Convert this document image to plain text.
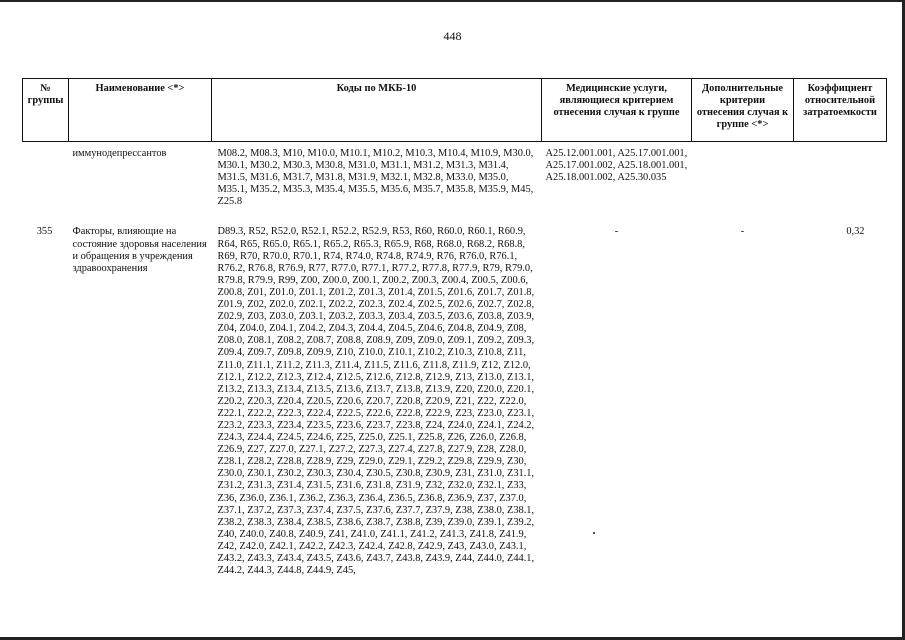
448
№ группы	Наименование <*>	Коды по МКБ-10	Медицинские услуги, являющиеся критерием отнесения случая к группе	Дополнительные критерии отнесения случая к группе <*>	Коэффициент относительной затратоемкости
	иммунодепрессантов	M08.2, M08.3, M10, M10.0, M10.1, M10.2, M10.3, M10.4, M10.9, M30.0, M30.1, M30.2, M30.3, M30.8, M31.0, M31.1, M31.2, M31.3, M31.4, M31.5, M31.6, M31.7, M31.8, M31.9, M32.1, M32.8, M33.0, M35.0, M35.1, M35.2, M35.3, M35.4, M35.5, M35.6, M35.7, M35.8, M35.9, M45, Z25.8	A25.12.001.001, A25.17.001.001, A25.17.001.002, A25.18.001.001, A25.18.001.002, A25.30.035		
355	Факторы, влияющие на состояние здоровья населения и обращения в учреждения здравоохранения	D89.3, R52, R52.0, R52.1, R52.2, R52.9, R53, R60, R60.0, R60.1, R60.9, R64, R65, R65.0, R65.1, R65.2, R65.3, R65.9, R68, R68.0, R68.2, R68.8, R69, R70, R70.0, R70.1, R74, R74.0, R74.8, R74.9, R76, R76.0, R76.1, R76.2, R76.8, R76.9, R77, R77.0, R77.1, R77.2, R77.8, R77.9, R79, R79.0, R79.8, R79.9, R99, Z00, Z00.0, Z00.1, Z00.2, Z00.3, Z00.4, Z00.5, Z00.6, Z00.8, Z01, Z01.0, Z01.1, Z01.2, Z01.3, Z01.4, Z01.5, Z01.6, Z01.7, Z01.8, Z01.9, Z02, Z02.0, Z02.1, Z02.2, Z02.3, Z02.4, Z02.5, Z02.6, Z02.7, Z02.8, Z02.9, Z03, Z03.0, Z03.1, Z03.2, Z03.3, Z03.4, Z03.5, Z03.6, Z03.8, Z03.9, Z04, Z04.0, Z04.1, Z04.2, Z04.3, Z04.4, Z04.5, Z04.6, Z04.8, Z04.9, Z08, Z08.0, Z08.1, Z08.2, Z08.7, Z08.8, Z08.9, Z09, Z09.0, Z09.1, Z09.2, Z09.3, Z09.4, Z09.7, Z09.8, Z09.9, Z10, Z10.0, Z10.1, Z10.2, Z10.3, Z10.8, Z11, Z11.0, Z11.1, Z11.2, Z11.3, Z11.4, Z11.5, Z11.6, Z11.8, Z11.9, Z12, Z12.0, Z12.1, Z12.2, Z12.3, Z12.4, Z12.5, Z12.6, Z12.8, Z12.9, Z13, Z13.0, Z13.1, Z13.2, Z13.3, Z13.4, Z13.5, Z13.6, Z13.7, Z13.8, Z13.9, Z20, Z20.0, Z20.1, Z20.2, Z20.3, Z20.4, Z20.5, Z20.6, Z20.7, Z20.8, Z20.9, Z21, Z22, Z22.0, Z22.1, Z22.2, Z22.3, Z22.4, Z22.5, Z22.6, Z22.8, Z22.9, Z23, Z23.0, Z23.1, Z23.2, Z23.3, Z23.4, Z23.5, Z23.6, Z23.7, Z23.8, Z24, Z24.0, Z24.1, Z24.2, Z24.3, Z24.4, Z24.5, Z24.6, Z25, Z25.0, Z25.1, Z25.8, Z26, Z26.0, Z26.8, Z26.9, Z27, Z27.0, Z27.1, Z27.2, Z27.3, Z27.4, Z27.8, Z27.9, Z28, Z28.0, Z28.1, Z28.2, Z28.8, Z28.9, Z29, Z29.0, Z29.1, Z29.2, Z29.8, Z29.9, Z30, Z30.0, Z30.1, Z30.2, Z30.3, Z30.4, Z30.5, Z30.8, Z30.9, Z31, Z31.0, Z31.1, Z31.2, Z31.3, Z31.4, Z31.5, Z31.6, Z31.8, Z31.9, Z32, Z32.0, Z32.1, Z33, Z36, Z36.0, Z36.1, Z36.2, Z36.3, Z36.4, Z36.5, Z36.8, Z36.9, Z37, Z37.0, Z37.1, Z37.2, Z37.3, Z37.4, Z37.5, Z37.6, Z37.7, Z37.9, Z38, Z38.0, Z38.1, Z38.2, Z38.3, Z38.4, Z38.5, Z38.6, Z38.7, Z38.8, Z39, Z39.0, Z39.1, Z39.2, Z40, Z40.0, Z40.8, Z40.9, Z41, Z41.0, Z41.1, Z41.2, Z41.3, Z41.8, Z41.9, Z42, Z42.0, Z42.1, Z42.2, Z42.3, Z42.4, Z42.8, Z42.9, Z43, Z43.0, Z43.1, Z43.2, Z43.3, Z43.4, Z43.5, Z43.6, Z43.7, Z43.8, Z43.9, Z44, Z44.0, Z44.1, Z44.2, Z44.3, Z44.8, Z44.9, Z45,	-	-	0,32
